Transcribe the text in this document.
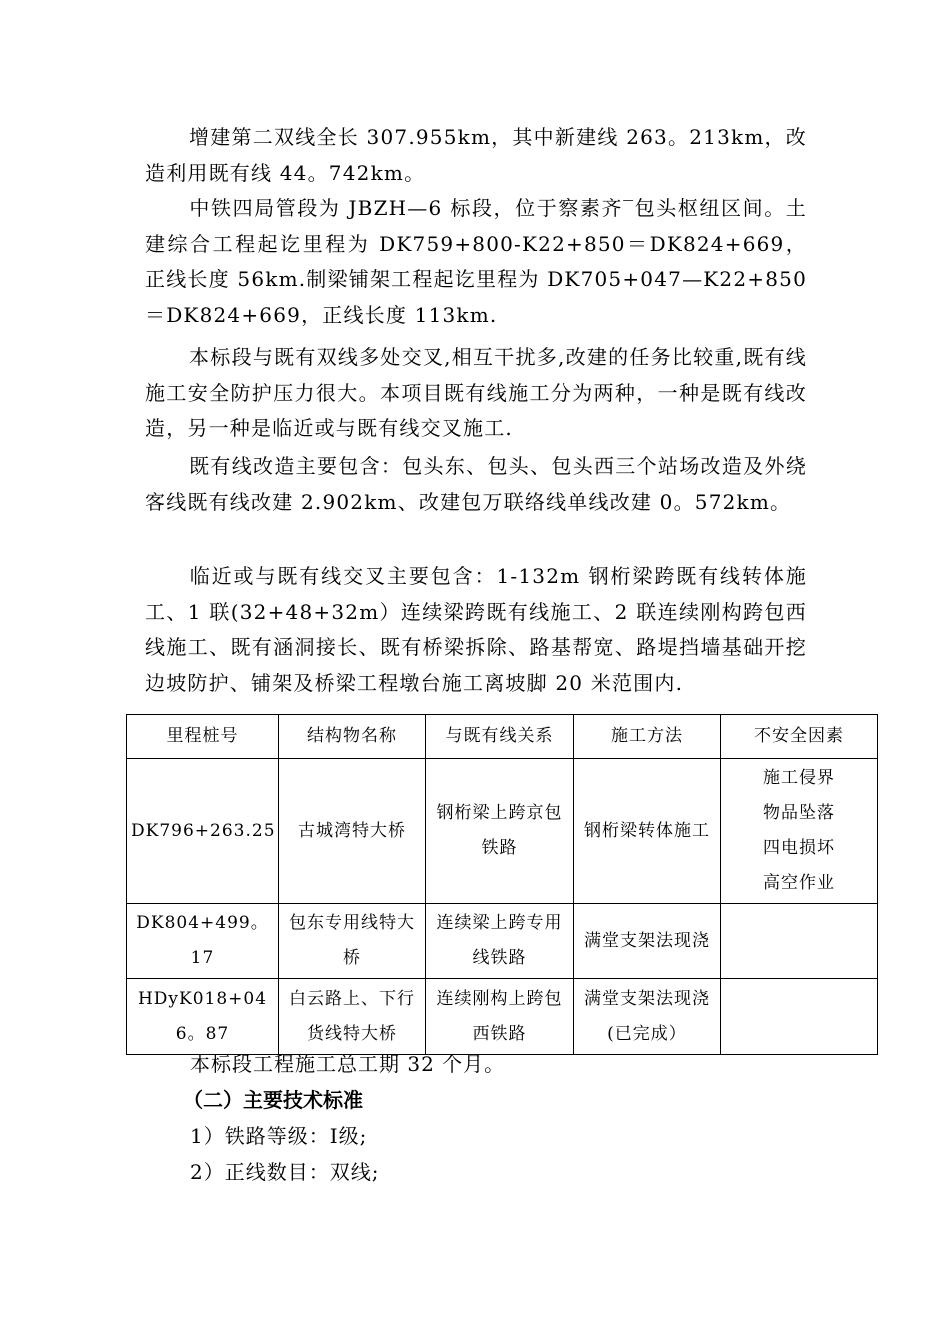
增建第二双线全长 307.955km，其中新建线 263。213km，改造利用既有线 44。742km。

中铁四局管段为 JBZH—6 标段，位于察素齐‾包头枢纽区间。土建综合工程起讫里程为 DK759+800-K22+850＝DK824+669，正线长度 56km.制梁铺架工程起讫里程为 DK705+047—K22+850＝DK824+669，正线长度 113km.

本标段与既有双线多处交叉,相互干扰多,改建的任务比较重,既有线施工安全防护压力很大。本项目既有线施工分为两种，一种是既有线改造，另一种是临近或与既有线交叉施工.

既有线改造主要包含：包头东、包头、包头西三个站场改造及外绕客线既有线改建 2.902km、改建包万联络线单线改建 0。572km。

临近或与既有线交叉主要包含：1-132m 钢桁梁跨既有线转体施工、1 联(32+48+32m）连续梁跨既有线施工、2 联连续刚构跨包西线施工、既有涵洞接长、既有桥梁拆除、路基帮宽、路堤挡墙基础开挖边坡防护、铺架及桥梁工程墩台施工离坡脚 20 米范围内.

里程桩号	结构物名称	与既有线关系	施工方法	不安全因素
DK796+263.25	古城湾特大桥	钢桁梁上跨京包铁路	钢桁梁转体施工	施工侵界
物品坠落
四电损坏
高空作业
DK804+499。17	包东专用线特大桥	连续梁上跨专用线铁路	满堂支架法现浇	
HDyK018+046。87	白云路上、下行货线特大桥	连续刚构上跨包西铁路	满堂支架法现浇(已完成）	

本标段工程施工总工期 32 个月。

（二）主要技术标准

1）铁路等级：Ⅰ级;

2）正线数目：双线;
